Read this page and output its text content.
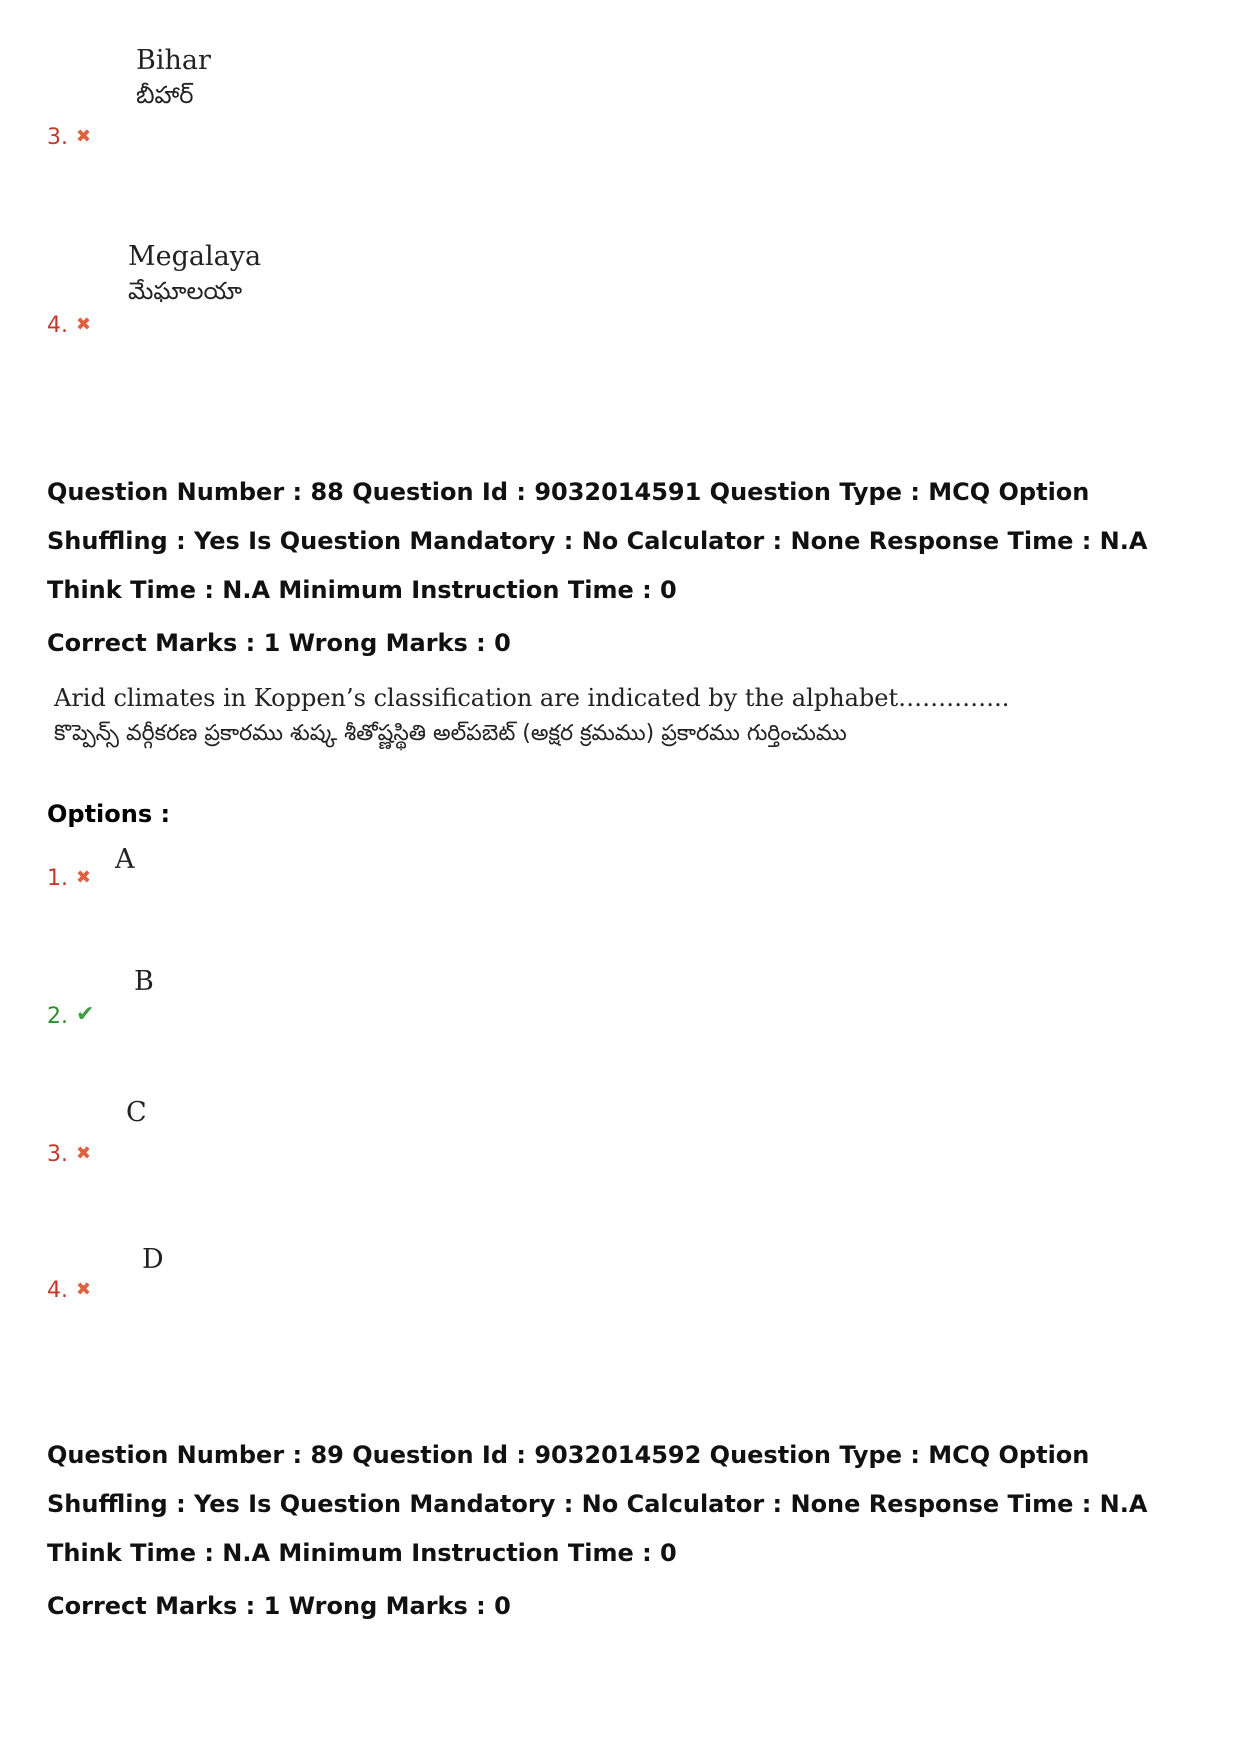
Bihar
బీహార్
3. ✖
Megalaya
మేఘాలయా
4. ✖
Question Number : 88 Question Id : 9032014591 Question Type : MCQ Option Shuffling : Yes Is Question Mandatory : No Calculator : None Response Time : N.A Think Time : N.A Minimum Instruction Time : 0
Correct Marks : 1 Wrong Marks : 0
Arid climates in Koppen’s classification are indicated by the alphabet…………..
కొప్పెన్స్ వర్గీకరణ ప్రకారము శుష్క శీతోష్ణస్థితి అల్‌పబెట్ (అక్షర క్రమము) ప్రకారము గుర్తించుము
Options :
A
1. ✖
B
2. ✔
C
3. ✖
D
4. ✖
Question Number : 89 Question Id : 9032014592 Question Type : MCQ Option Shuffling : Yes Is Question Mandatory : No Calculator : None Response Time : N.A Think Time : N.A Minimum Instruction Time : 0
Correct Marks : 1 Wrong Marks : 0
